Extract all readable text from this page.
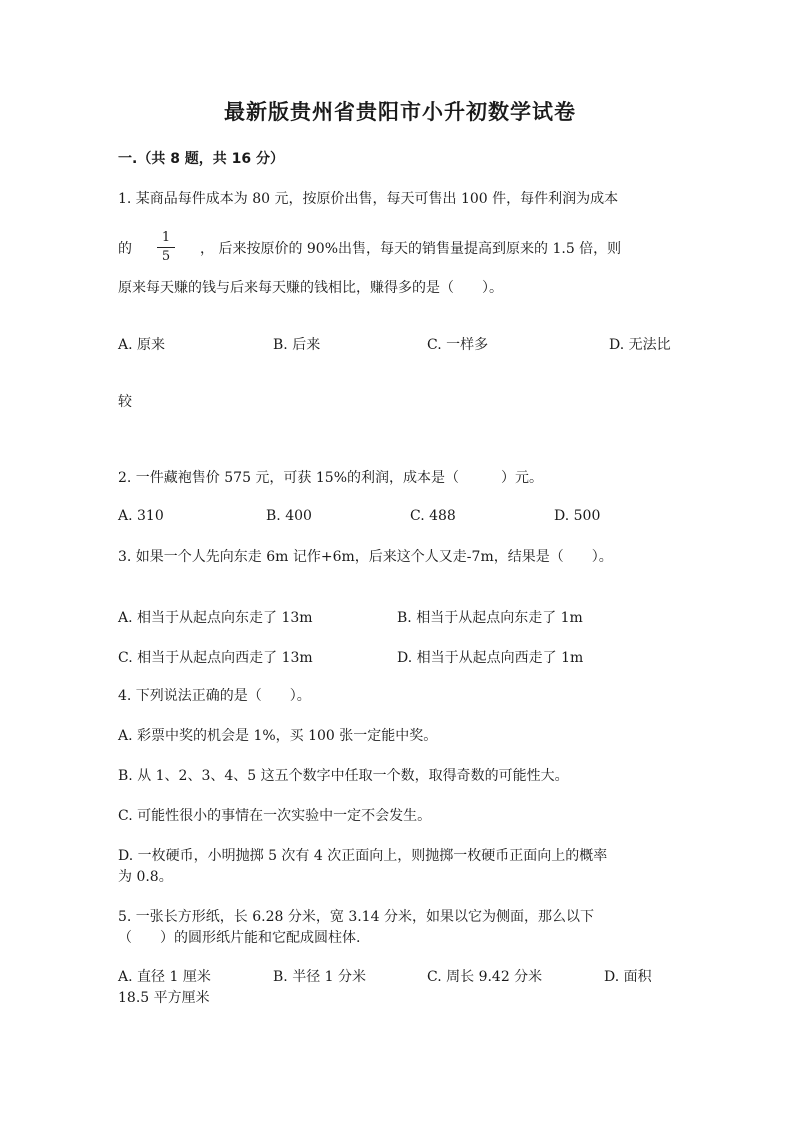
最新版贵州省贵阳市小升初数学试卷
一.（共 8 题，共 16 分）
1. 某商品每件成本为 80 元，按原价出售，每天可售出 100 件，每件利润为成本
的
1
5	， 后来按原价的 90%出售，每天的销售量提高到原来的 1.5 倍，则
原来每天赚的钱与后来每天赚的钱相比，赚得多的是（　　）。
A. 原来	B. 后来	C. 一样多	D. 无法比
较
2. 一件藏袍售价 575 元，可获 15%的利润，成本是（　　　）元。
A. 310	B. 400	C. 488	D. 500
3. 如果一个人先向东走 6m 记作+6m，后来这个人又走-7m，结果是（　　）。
A. 相当于从起点向东走了 13m	B. 相当于从起点向东走了 1m
C. 相当于从起点向西走了 13m	D. 相当于从起点向西走了 1m
4. 下列说法正确的是（　　）。
A. 彩票中奖的机会是 1%，买 100 张一定能中奖。
B. 从 1、2、3、4、5 这五个数字中任取一个数，取得奇数的可能性大。
C. 可能性很小的事情在一次实验中一定不会发生。
D. 一枚硬币，小明抛掷 5 次有 4 次正面向上，则抛掷一枚硬币正面向上的概率
为 0.8。
5. 一张长方形纸，长 6.28 分米，宽 3.14 分米，如果以它为侧面，那么以下
（　　）的圆形纸片能和它配成圆柱体.
A. 直径 1 厘米	B. 半径 1 分米	C. 周长 9.42 分米	D. 面积
18.5 平方厘米
